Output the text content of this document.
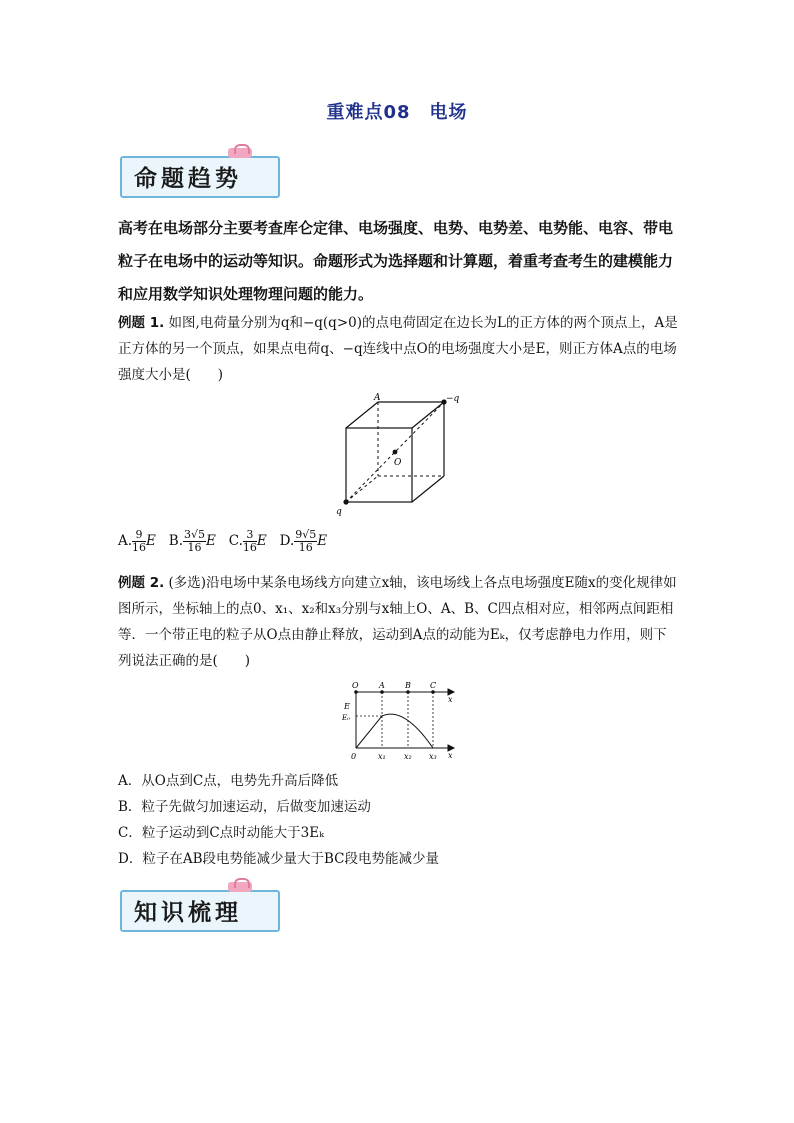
重难点08　电场
命题趋势
高考在电场部分主要考查库仑定律、电场强度、电势、电势差、电势能、电容、带电粒子在电场中的运动等知识。命题形式为选择题和计算题，着重考查考生的建模能力和应用数学知识处理物理问题的能力。
例题 1. 如图,电荷量分别为q和−q(q>0)的点电荷固定在边长为L的正方体的两个顶点上，A是正方体的另一个顶点，如果点电荷q、−q连线中点O的电场强度大小是E，则正方体A点的电场强度大小是(　　)
A	−q
O
q
A. $\frac{9}{16}$ E B. $\frac{3√5}{16}$ E C. $\frac{3}{16}$ E D. $\frac{9√5}{16}$ E
例题 2. (多选)沿电场中某条电场线方向建立x轴，该电场线上各点电场强度E随x的变化规律如图所示，坐标轴上的点0、x₁、x₂和x₃分别与x轴上O、A、B、C四点相对应，相邻两点间距相等．一个带正电的粒子从O点由静止释放，运动到A点的动能为Eₖ，仅考虑静电力作用，则下列说法正确的是(　　)
O	A	B C
x
E
E₀
0	x₁ x₂ x₃ x
A．从O点到C点，电势先升高后降低
B．粒子先做匀加速运动，后做变加速运动
C．粒子运动到C点时动能大于3Eₖ
D．粒子在AB段电势能减少量大于BC段电势能减少量
知识梳理
